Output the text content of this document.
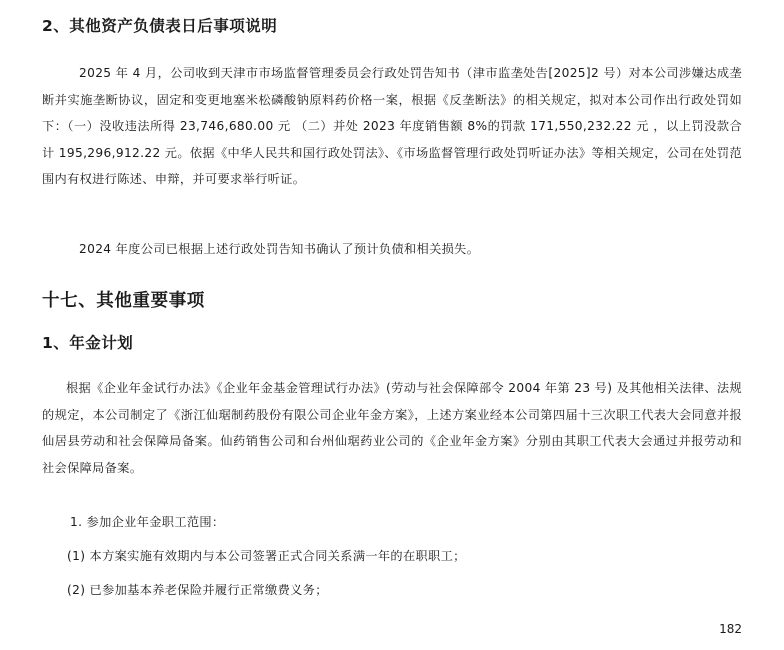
2、其他资产负债表日后事项说明

2025 年 4 月，公司收到天津市市场监督管理委员会行政处罚告知书（津市监垄处告[2025]2 号）对本公司涉嫌达成垄断并实施垄断协议，固定和变更地塞米松磷酸钠原料药价格一案，根据《反垄断法》的相关规定，拟对本公司作出行政处罚如下：（一）没收违法所得 23,746,680.00 元 （二）并处 2023 年度销售额 8%的罚款 171,550,232.22 元 ，以上罚没款合计 195,296,912.22 元。依据《中华人民共和国行政处罚法》、《市场监督管理行政处罚听证办法》等相关规定，公司在处罚范围内有权进行陈述、申辩，并可要求举行听证。

2024 年度公司已根据上述行政处罚告知书确认了预计负债和相关损失。

十七、其他重要事项
1、年金计划

根据《企业年金试行办法》《企业年金基金管理试行办法》(劳动与社会保障部令 2004 年第 23 号) 及其他相关法律、法规的规定，本公司制定了《浙江仙琚制药股份有限公司企业年金方案》，上述方案业经本公司第四届十三次职工代表大会同意并报仙居县劳动和社会保障局备案。仙药销售公司和台州仙琚药业公司的《企业年金方案》分别由其职工代表大会通过并报劳动和社会保障局备案。

1. 参加企业年金职工范围：

(1) 本方案实施有效期内与本公司签署正式合同关系满一年的在职职工；

(2) 已参加基本养老保险并履行正常缴费义务；

182
